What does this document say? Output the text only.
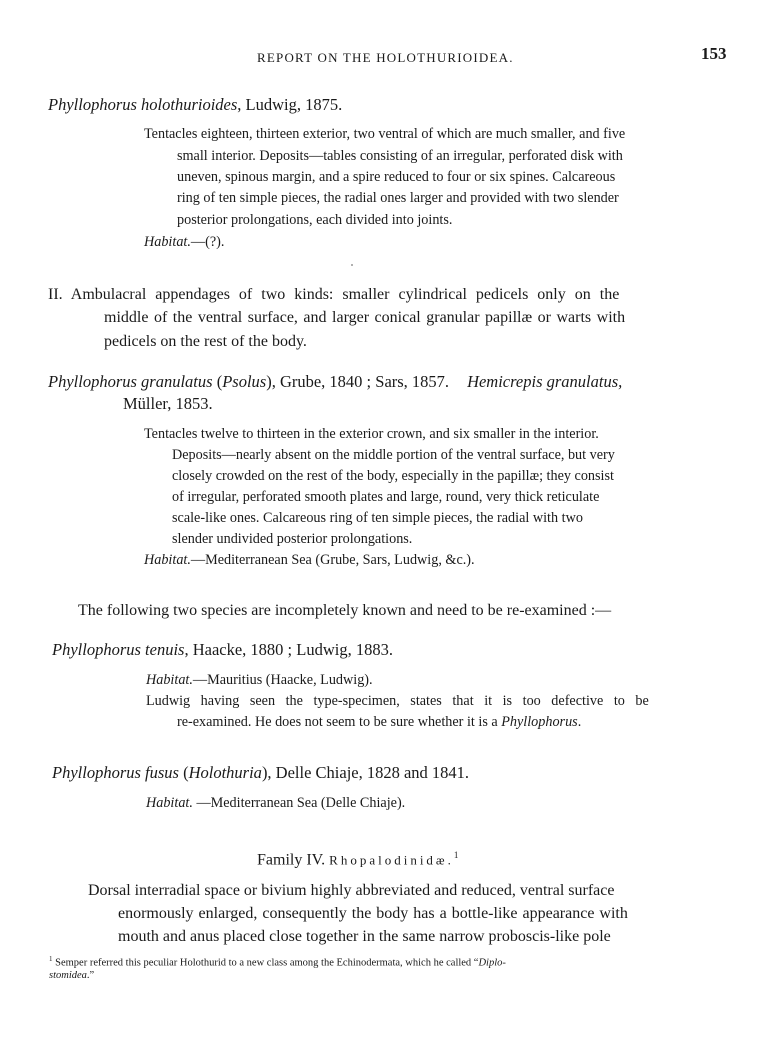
REPORT ON THE HOLOTHURIOIDEA.	153
Phyllophorus holothurioides, Ludwig, 1875.
Tentacles eighteen, thirteen exterior, two ventral of which are much smaller, and five
small interior. Deposits—tables consisting of an irregular, perforated disk with
uneven, spinous margin, and a spire reduced to four or six spines. Calcareous
ring of ten simple pieces, the radial ones larger and provided with two slender
posterior prolongations, each divided into joints.
Habitat.—(?).
II. Ambulacral appendages of two kinds: smaller cylindrical pedicels only on the
middle of the ventral surface, and larger conical granular papillæ or warts with
pedicels on the rest of the body.
Phyllophorus granulatus (Psolus), Grube, 1840 ; Sars, 1857. Hemicrepis granulatus,
Müller, 1853.
Tentacles twelve to thirteen in the exterior crown, and six smaller in the interior.
Deposits—nearly absent on the middle portion of the ventral surface, but very
closely crowded on the rest of the body, especially in the papillæ; they consist
of irregular, perforated smooth plates and large, round, very thick reticulate
scale-like ones. Calcareous ring of ten simple pieces, the radial with two
slender undivided posterior prolongations.
Habitat.—Mediterranean Sea (Grube, Sars, Ludwig, &c.).
The following two species are incompletely known and need to be re-examined :—
Phyllophorus tenuis, Haacke, 1880 ; Ludwig, 1883.
Habitat.—Mauritius (Haacke, Ludwig).
Ludwig having seen the type-specimen, states that it is too defective to be
re-examined. He does not seem to be sure whether it is a Phyllophorus.
Phyllophorus fusus (Holothuria), Delle Chiaje, 1828 and 1841.
Habitat. —Mediterranean Sea (Delle Chiaje).
Family IV. Rhopalodinidæ.$^1$
Dorsal interradial space or bivium highly abbreviated and reduced, ventral surface
enormously enlarged, consequently the body has a bottle-like appearance with
mouth and anus placed close together in the same narrow proboscis-like pole
$^1$ Semper referred this peculiar Holothurid to a new class among the Echinodermata, which he called “Diplo-
stomidea.”
